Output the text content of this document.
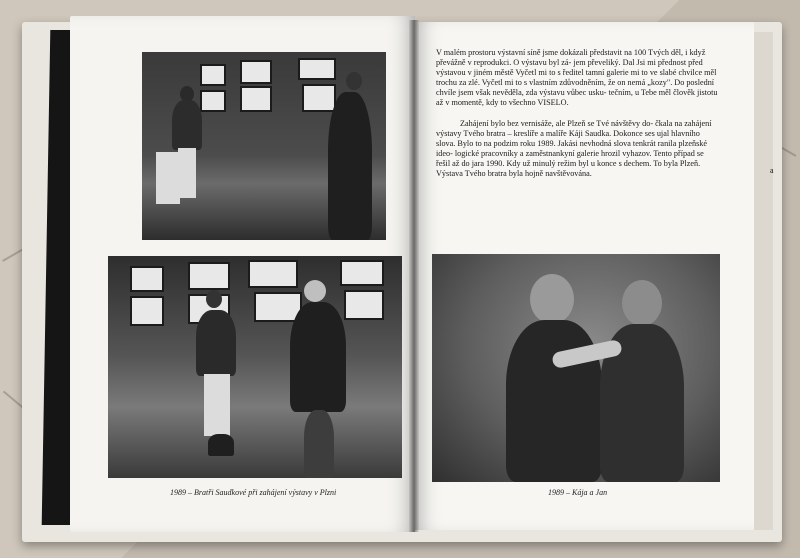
a
1989 – Bratři Saudkové při zahájení výstavy v Plzni

V malém prostoru výstavní síně jsme dokázali představit na 100 Tvých děl, i když převážně v reprodukci. O výstavu byl zá- jem převeliký. Dal Jsi mi přednost před výstavou v jiném městě Vyčetl mi to s ředitel tamní galerie mi to ve slabé chvilce měl trochu za zlé. Vyčetl mi to s vlastním zdůvodněním, že on nemá „kozy". Do poslední chvíle jsem však nevěděla, zda výstavu vůbec usku- tečním, u Tebe měl člověk jistotu až v momentě, kdy to všechno VISELO.

Zahájení bylo bez vernisáže, ale Plzeň se Tvé návštěvy do- čkala na zahájení výstavy Tvého bratra – kreslíře a malíře Káji Saudka. Dokonce ses ujal hlavního slova. Bylo to na podzim roku 1989. Jakási nevhodná slova tenkrát ranila plzeňské ideo- logické pracovníky a zaměstnankyní galerie hrozil vyhazov. Tento případ se řešil až do jara 1990. Kdy už minulý režim byl u konce s dechem. To byla Plzeň. Výstava Tvého bratra byla hojně navštěvována.

1989 – Kája a Jan
